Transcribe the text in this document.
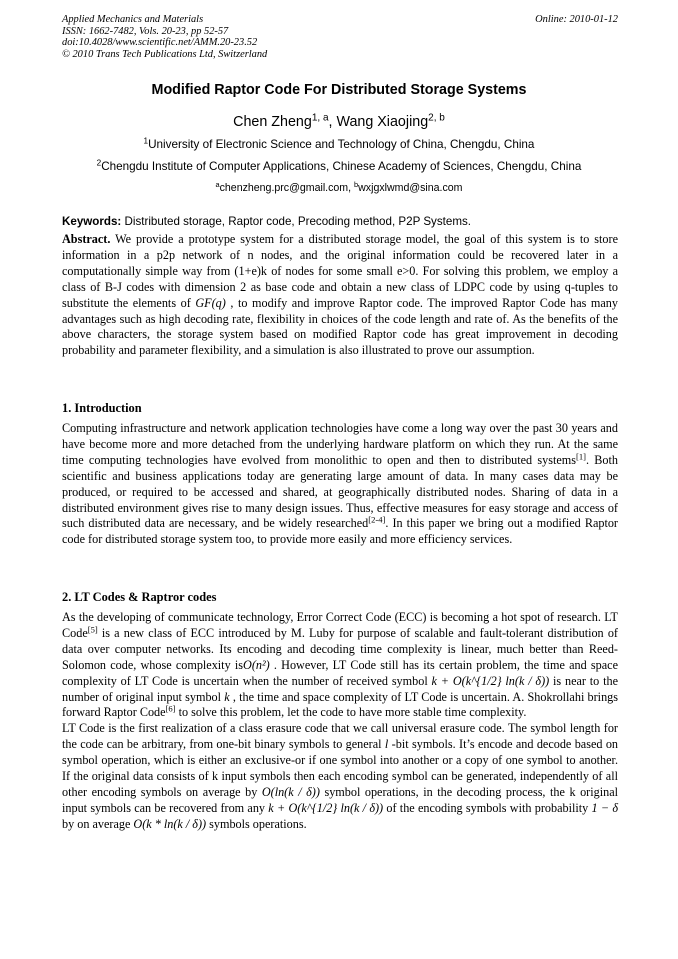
Applied Mechanics and Materials
ISSN: 1662-7482, Vols. 20-23, pp 52-57
doi:10.4028/www.scientific.net/AMM.20-23.52
© 2010 Trans Tech Publications Ltd, Switzerland
Online: 2010-01-12
Modified Raptor Code For Distributed Storage Systems
Chen Zheng$^{1, a}$, Wang Xiaojing$^{2, b}$
$^1$University of Electronic Science and Technology of China, Chengdu, China
$^2$Chengdu Institute of Computer Applications, Chinese Academy of Sciences, Chengdu, China
$^a$chenzheng.prc@gmail.com, $^b$wxjgxlwmd@sina.com
Keywords: Distributed storage, Raptor code, Precoding method, P2P Systems.
Abstract. We provide a prototype system for a distributed storage model, the goal of this system is to store information in a p2p network of n nodes, and the original information could be recovered later in a computationally simple way from (1+e)k of nodes for some small e>0. For solving this problem, we employ a class of B-J codes with dimension 2 as base code and obtain a new class of LDPC code by using q-tuples to substitute the elements of GF(q) , to modify and improve Raptor code. The improved Raptor Code has many advantages such as high decoding rate, flexibility in choices of the code length and rate of. As the benefits of the above characters, the storage system based on modified Raptor code has great improvement in decoding probability and parameter flexibility, and a simulation is also illustrated to prove our assumption.
1. Introduction
Computing infrastructure and network application technologies have come a long way over the past 30 years and have become more and more detached from the underlying hardware platform on which they run. At the same time computing technologies have evolved from monolithic to open and then to distributed systems[1]. Both scientific and business applications today are generating large amount of data. In many cases data may be produced, or required to be accessed and shared, at geographically distributed nodes. Sharing of data in a distributed environment gives rise to many design issues. Thus, effective measures for easy storage and access of such distributed data are necessary, and be widely researched[2-4]. In this paper we bring out a modified Raptor code for distributed storage system too, to provide more easily and more efficiency services.
2. LT Codes & Raptror codes
As the developing of communicate technology, Error Correct Code (ECC) is becoming a hot spot of research. LT Code[5] is a new class of ECC introduced by M. Luby for purpose of scalable and fault-tolerant distribution of data over computer networks. Its encoding and decoding time complexity is linear, much better than Reed-Solomon code, whose complexity isO(n²) . However, LT Code still has its certain problem, the time and space complexity of LT Code is uncertain when the number of received symbol k + O(k^{1/2} ln(k / δ)) is near to the number of original input symbol k , the time and space complexity of LT Code is uncertain. A. Shokrollahi brings forward Raptor Code[6] to solve this problem, let the code to have more stable time complexity.
LT Code is the first realization of a class erasure code that we call universal erasure code. The symbol length for the code can be arbitrary, from one-bit binary symbols to general l -bit symbols. It’s encode and decode based on symbol operation, which is either an exclusive-or if one symbol into another or a copy of one symbol to another. If the original data consists of k input symbols then each encoding symbol can be generated, independently of all other encoding symbols on average by O(ln(k / δ)) symbol operations, in the decoding process, the k original input symbols can be recovered from any k + O(k^{1/2} ln(k / δ)) of the encoding symbols with probability 1 − δ by on average O(k * ln(k / δ)) symbols operations.
